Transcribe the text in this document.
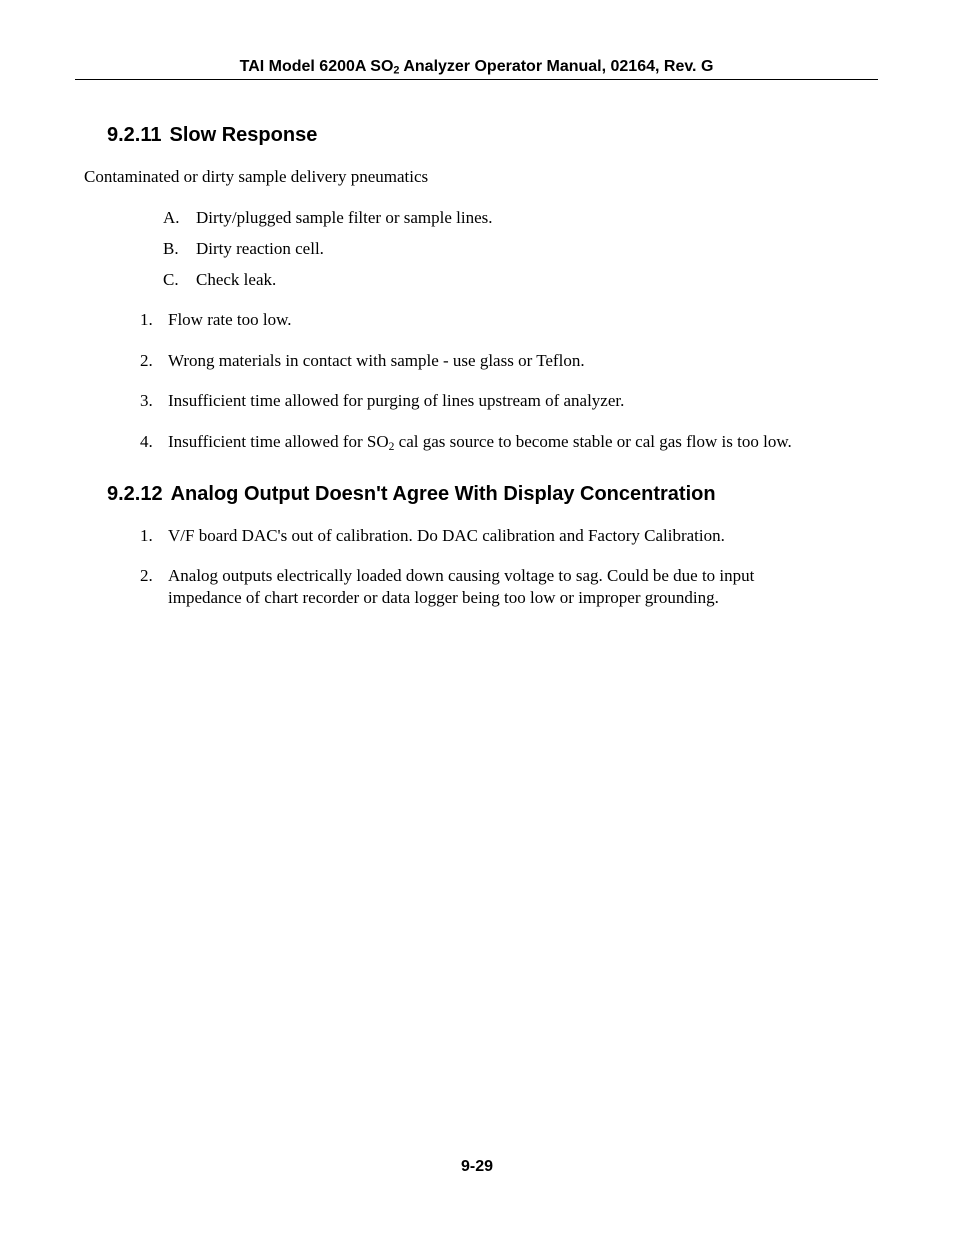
TAI Model 6200A $SO_2$ Analyzer Operator Manual, 02164, Rev. G
9.2.11 Slow Response
Contaminated or dirty sample delivery pneumatics
A. Dirty/plugged sample filter or sample lines.
B. Dirty reaction cell.
C. Check leak.
1. Flow rate too low.
2. Wrong materials in contact with sample - use glass or Teflon.
3. Insufficient time allowed for purging of lines upstream of analyzer.
4. Insufficient time allowed for $SO_2$ cal gas source to become stable or cal gas flow is too low.
9.2.12 Analog Output Doesn't Agree With Display Concentration
1. V/F board DAC's out of calibration. Do DAC calibration and Factory Calibration.
2. Analog outputs electrically loaded down causing voltage to sag. Could be due to input impedance of chart recorder or data logger being too low or improper grounding.
9-29
